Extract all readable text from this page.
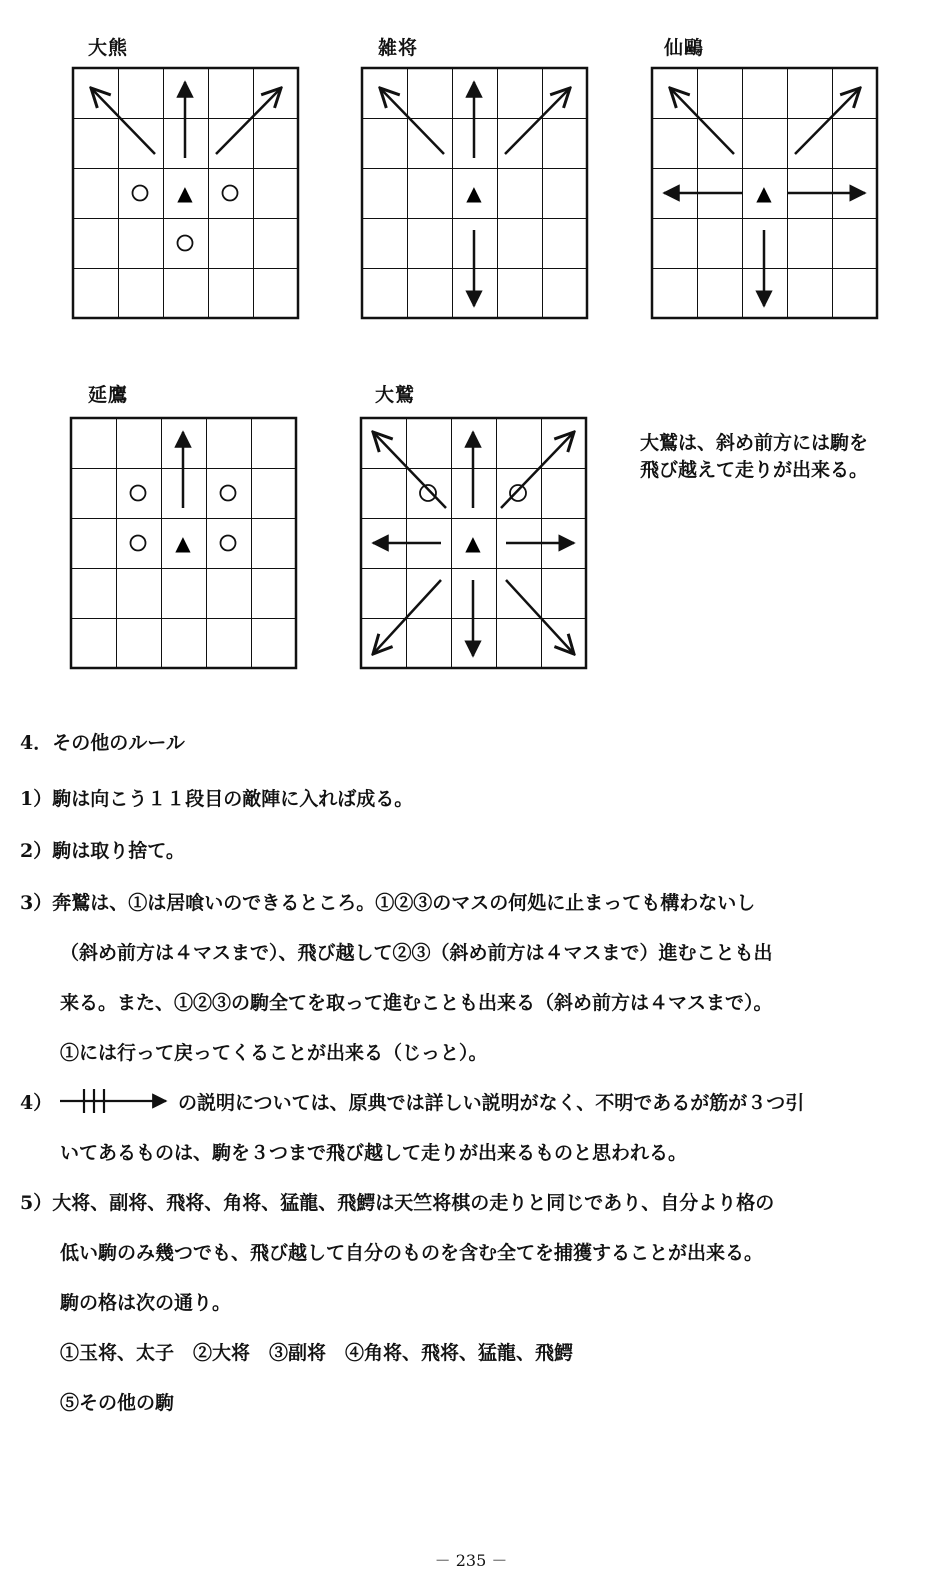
大熊	雑将	仙鷗
延鷹	大鷲
▲	▲	▲
▲	▲
大鷲は、斜め前方には駒を
飛び越えて走りが出来る。
4．その他のルール
1）駒は向こう１１段目の敵陣に入れば成る。
2）駒は取り捨て。
3）奔鷲は、①は居喰いのできるところ。①②③のマスの何処に止まっても構わないし
（斜め前方は４マスまで）、飛び越して②③（斜め前方は４マスまで）進むことも出
来る。また、①②③の駒全てを取って進むことも出来る（斜め前方は４マスまで）。
①には行って戻ってくることが出来る（じっと）。
4）	の説明については、原典では詳しい説明がなく、不明であるが筋が３つ引
いてあるものは、駒を３つまで飛び越して走りが出来るものと思われる。
5）大将、副将、飛将、角将、猛龍、飛鰐は天竺将棋の走りと同じであり、自分より格の
低い駒のみ幾つでも、飛び越して自分のものを含む全てを捕獲することが出来る。
駒の格は次の通り。
①玉将、太子　②大将　③副将　④角将、飛将、猛龍、飛鰐
⑤その他の駒
－ 235 －
